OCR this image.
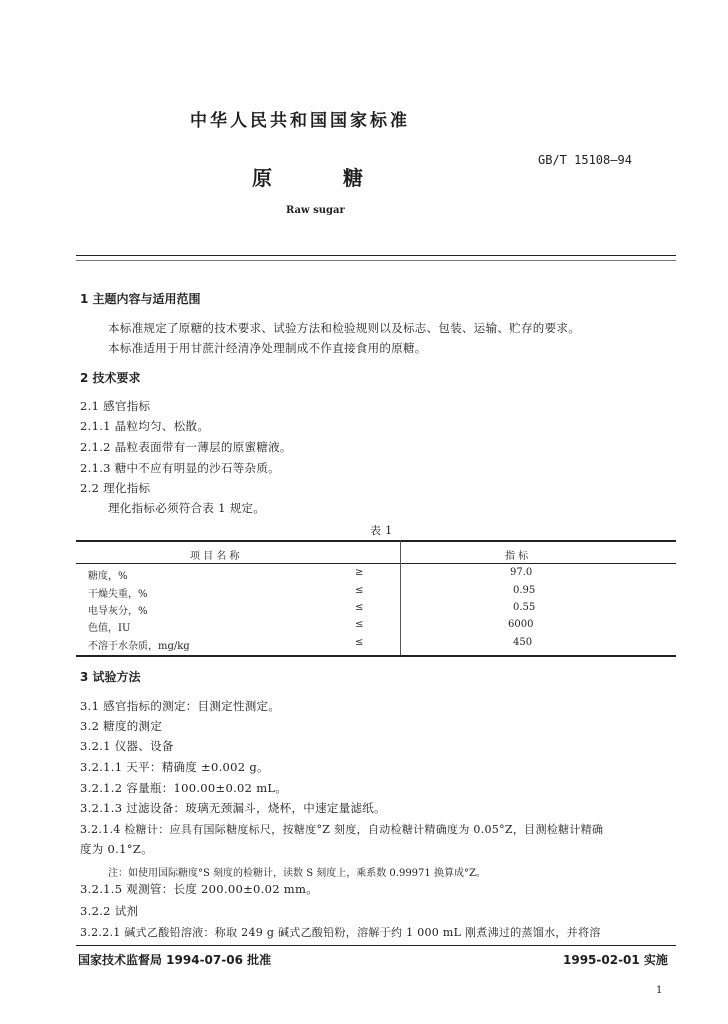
中华人民共和国国家标准
GB/T 15108—94
原	糖
Raw sugar
1 主题内容与适用范围
本标准规定了原糖的技术要求、试验方法和检验规则以及标志、包装、运输、贮存的要求。
本标准适用于用甘蔗汁经清净处理制成不作直接食用的原糖。
2 技术要求
2.1 感官指标
2.1.1 晶粒均匀、松散。
2.1.2 晶粒表面带有一薄层的原蜜糖液。
2.1.3 糖中不应有明显的沙石等杂质。
2.2 理化指标
理化指标必须符合表 1 规定。
表 1
项 目 名 称	指 标
糖度，%	≥	97.0
干燥失重，%	≤	0.95
电导灰分，%	≤	0.55
色值，IU	≤	6000
不溶于水杂质，mg/kg	≤	450
3 试验方法
3.1 感官指标的测定：目测定性测定。
3.2 糖度的测定
3.2.1 仪器、设备
3.2.1.1 天平：精确度 ±0.002 g。
3.2.1.2 容量瓶：100.00±0.02 mL。
3.2.1.3 过滤设备：玻璃无颈漏斗，烧杯，中速定量滤纸。
3.2.1.4 检糖计：应具有国际糖度标尺，按糖度°Z 刻度，自动检糖计精确度为 0.05°Z，目测检糖计精确
度为 0.1°Z。
注：如使用国际糖度°S 刻度的检糖计，读数 S 刻度上，乘系数 0.99971 换算成°Z。
3.2.1.5 观测管：长度 200.00±0.02 mm。
3.2.2 试剂
3.2.2.1 碱式乙酸铅溶液：称取 249 g 碱式乙酸铅粉，溶解于约 1 000 mL 刚煮沸过的蒸馏水，并将溶
国家技术监督局 1994-07-06 批准	1995-02-01 实施
1
